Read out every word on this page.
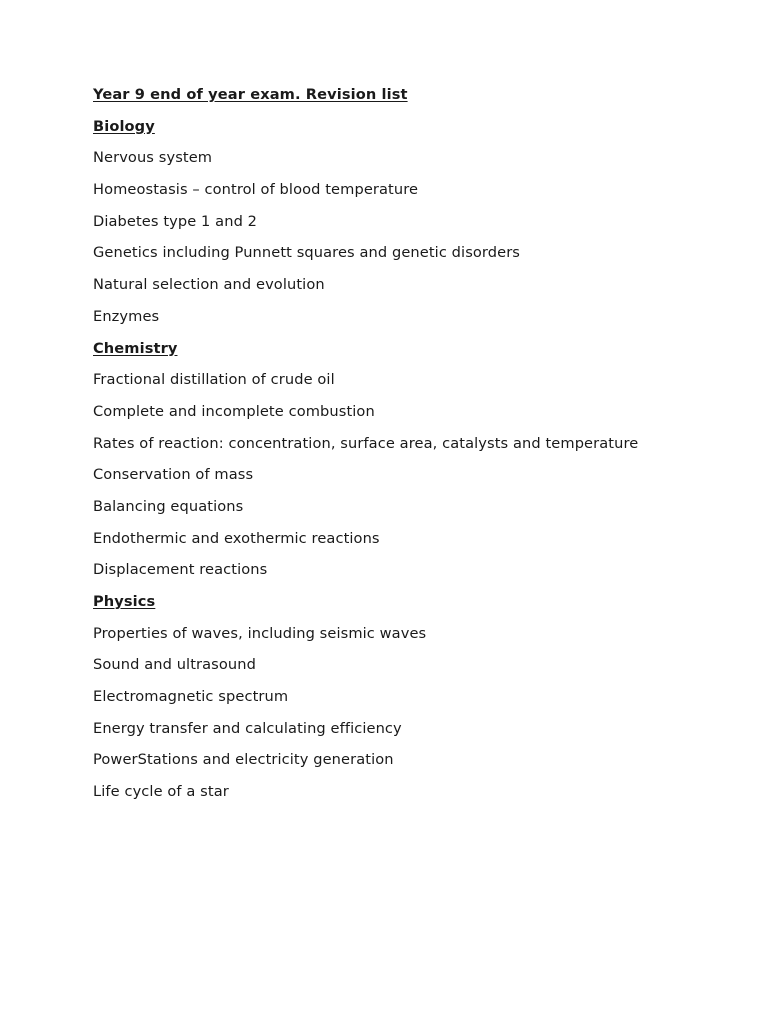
Year 9 end of year exam. Revision list
Biology
Nervous system
Homeostasis – control of blood temperature
Diabetes type 1 and 2
Genetics including Punnett squares and genetic disorders
Natural selection and evolution
Enzymes
Chemistry
Fractional distillation of crude oil
Complete and incomplete combustion
Rates of reaction: concentration, surface area, catalysts and temperature
Conservation of mass
Balancing equations
Endothermic and exothermic reactions
Displacement reactions
Physics
Properties of waves, including seismic waves
Sound and ultrasound
Electromagnetic spectrum
Energy transfer and calculating efficiency
PowerStations and electricity generation
Life cycle of a star
